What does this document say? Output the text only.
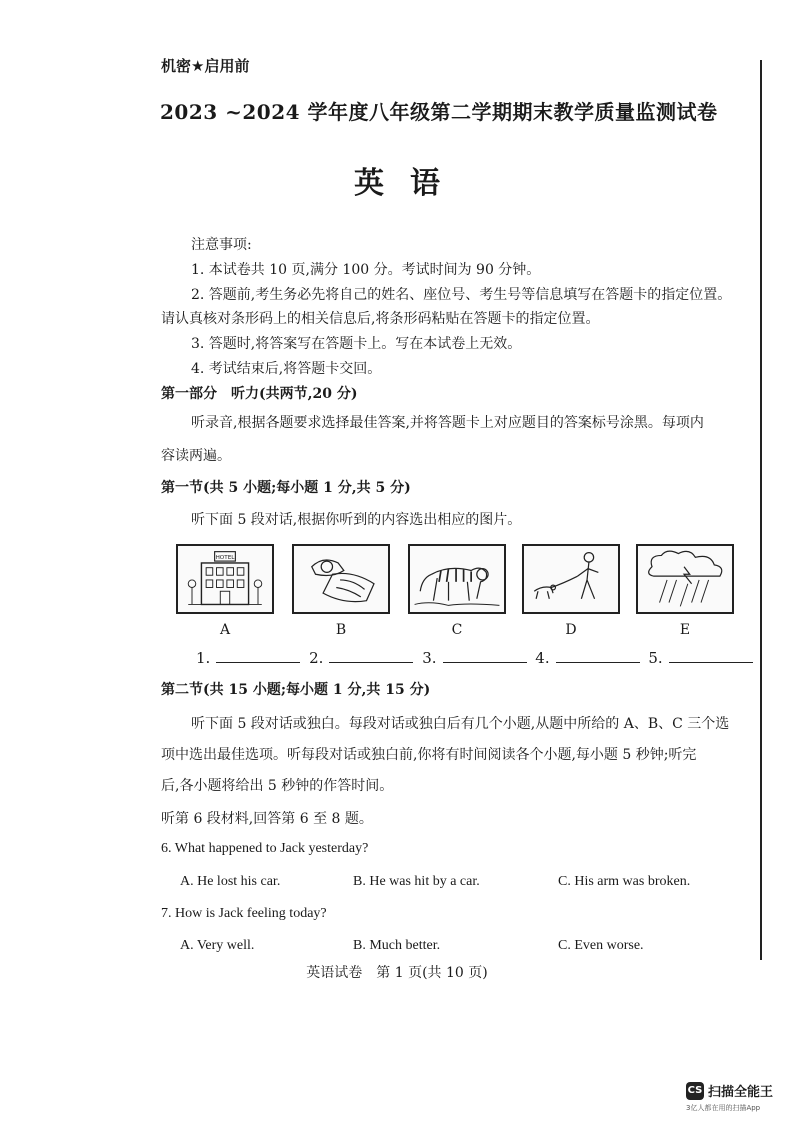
机密★启用前
2023 ~2024 学年度八年级第二学期期末教学质量监测试卷
英语
注意事项:
1. 本试卷共 10 页,满分 100 分。考试时间为 90 分钟。
2. 答题前,考生务必先将自己的姓名、座位号、考生号等信息填写在答题卡的指定位置。
请认真核对条形码上的相关信息后,将条形码粘贴在答题卡的指定位置。
3. 答题时,将答案写在答题卡上。写在本试卷上无效。
4. 考试结束后,将答题卡交回。
第一部分　听力(共两节,20 分)
听录音,根据各题要求选择最佳答案,并将答题卡上对应题目的答案标号涂黑。每项内
容读两遍。
第一节(共 5 小题;每小题 1 分,共 5 分)
听下面 5 段对话,根据你听到的内容选出相应的图片。
HOTEL
A	B	C	D	E
1.	2.	3.	4.	5.
第二节(共 15 小题;每小题 1 分,共 15 分)
听下面 5 段对话或独白。每段对话或独白后有几个小题,从题中所给的 A、B、C 三个选
项中选出最佳选项。听每段对话或独白前,你将有时间阅读各个小题,每小题 5 秒钟;听完
后,各小题将给出 5 秒钟的作答时间。
听第 6 段材料,回答第 6 至 8 题。
6. What happened to Jack yesterday?
A. He lost his car.	B. He was hit by a car.	C. His arm was broken.
7. How is Jack feeling today?
A. Very well.	B. Much better.	C. Even worse.
英语试卷　第 1 页(共 10 页)
CS 扫描全能王
3亿人都在用的扫描App
